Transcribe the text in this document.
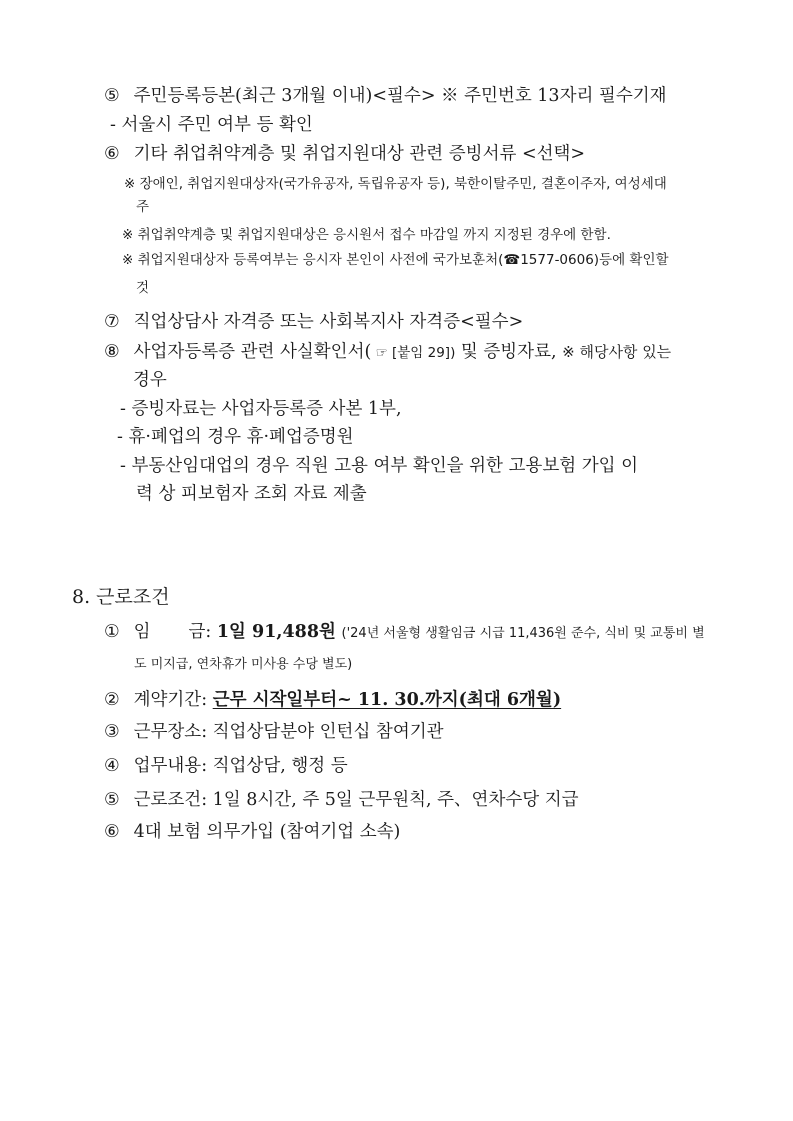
⑤ 주민등록등본(최근 3개월 이내)<필수> ※ 주민번호 13자리 필수기재
- 서울시 주민 여부 등 확인
⑥ 기타 취업취약계층 및 취업지원대상 관련 증빙서류 <선택>
※ 장애인, 취업지원대상자(국가유공자, 독립유공자 등), 북한이탈주민, 결혼이주자, 여성세대
주
※ 취업취약계층 및 취업지원대상은 응시원서 접수 마감일 까지 지정된 경우에 한함.
※ 취업지원대상자 등록여부는 응시자 본인이 사전에 국가보훈처(☎1577-0606)등에 확인할
것
⑦ 직업상담사 자격증 또는 사회복지사 자격증<필수>
⑧ 사업자등록증 관련 사실확인서( ☞ [붙임 29]) 및 증빙자료, ※ 해당사항 있는
경우
- 증빙자료는 사업자등록증 사본 1부,
- 휴·폐업의 경우 휴·폐업증명원
- 부동산임대업의 경우 직원 고용 여부 확인을 위한 고용보험 가입 이
력 상 피보험자 조회 자료 제출
8. 근로조건
① 임 금: 1일 91,488원 ('24년 서울형 생활임금 시급 11,436원 준수, 식비 및 교통비 별
도 미지급, 연차휴가 미사용 수당 별도)
② 계약기간: 근무 시작일부터~ 11. 30.까지(최대 6개월)
③ 근무장소: 직업상담분야 인턴십 참여기관
④ 업무내용: 직업상담, 행정 등
⑤ 근로조건: 1일 8시간, 주 5일 근무원칙, 주、연차수당 지급
⑥ 4대 보험 의무가입 (참여기업 소속)
